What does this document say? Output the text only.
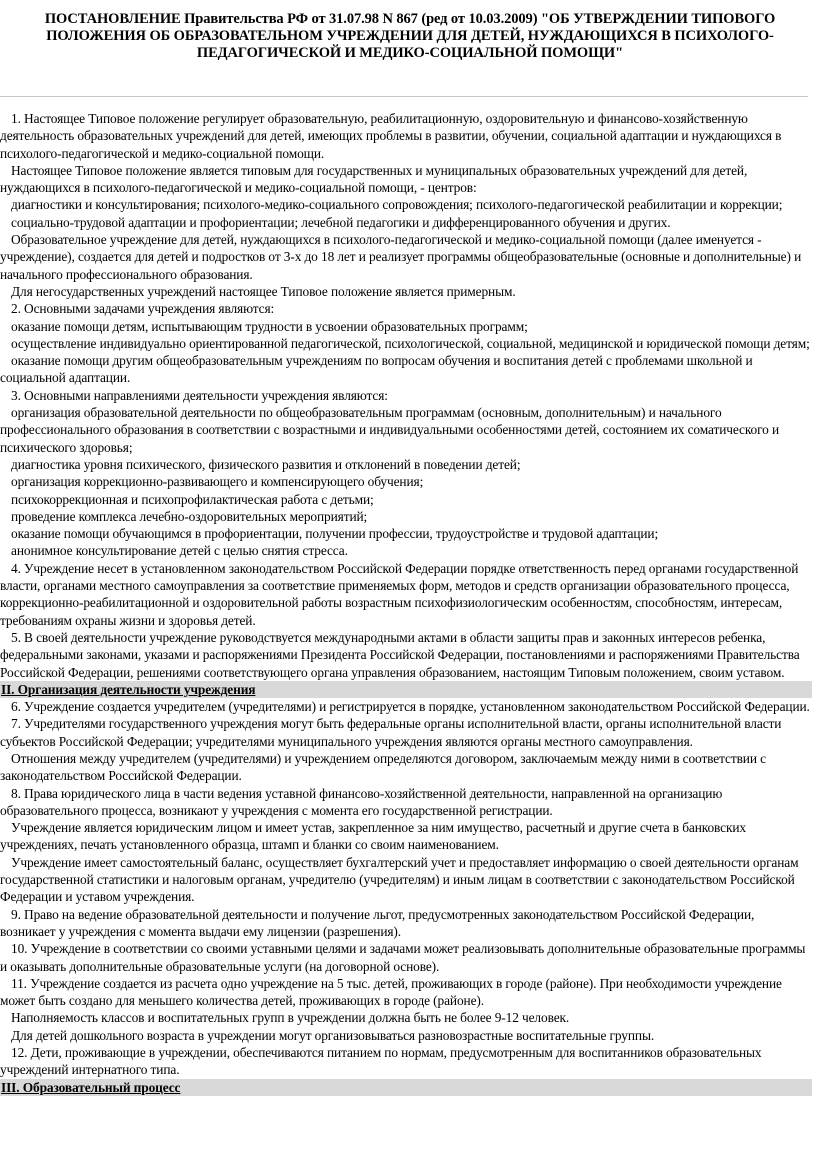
ПОСТАНОВЛЕНИЕ Правительства РФ от 31.07.98 N 867 (ред от 10.03.2009) "ОБ УТВЕРЖДЕНИИ ТИПОВОГО ПОЛОЖЕНИЯ ОБ ОБРАЗОВАТЕЛЬНОМ УЧРЕЖДЕНИИ ДЛЯ ДЕТЕЙ, НУЖДАЮЩИХСЯ В ПСИХОЛОГО-ПЕДАГОГИЧЕСКОЙ И МЕДИКО-СОЦИАЛЬНОЙ ПОМОЩИ"

1. Настоящее Типовое положение регулирует образовательную, реабилитационную, оздоровительную и финансово-хозяйственную деятельность образовательных учреждений для детей, имеющих проблемы в развитии, обучении, социальной адаптации и нуждающихся в психолого-педагогической и медико-социальной помощи.

Настоящее Типовое положение является типовым для государственных и муниципальных образовательных учреждений для детей, нуждающихся в психолого-педагогической и медико-социальной помощи, - центров:

диагностики и консультирования; психолого-медико-социального сопровождения; психолого-педагогической реабилитации и коррекции;

социально-трудовой адаптации и профориентации; лечебной педагогики и дифференцированного обучения и других.

Образовательное учреждение для детей, нуждающихся в психолого-педагогической и медико-социальной помощи (далее именуется - учреждение), создается для детей и подростков от 3-х до 18 лет и реализует программы общеобразовательные (основные и дополнительные) и начального профессионального образования.

Для негосударственных учреждений настоящее Типовое положение является примерным.

2. Основными задачами учреждения являются:

оказание помощи детям, испытывающим трудности в усвоении образовательных программ;

осуществление индивидуально ориентированной педагогической, психологической, социальной, медицинской и юридической помощи детям;

оказание помощи другим общеобразовательным учреждениям по вопросам обучения и воспитания детей с проблемами школьной и социальной адаптации.

3. Основными направлениями деятельности учреждения являются:

организация образовательной деятельности по общеобразовательным программам (основным, дополнительным) и начального профессионального образования в соответствии с возрастными и индивидуальными особенностями детей, состоянием их соматического и психического здоровья;

диагностика уровня психического, физического развития и отклонений в поведении детей;

организация коррекционно-развивающего и компенсирующего обучения;

психокоррекционная и психопрофилактическая работа с детьми;

проведение комплекса лечебно-оздоровительных мероприятий;

оказание помощи обучающимся в профориентации, получении профессии, трудоустройстве и трудовой адаптации;

анонимное консультирование детей с целью снятия стресса.

4. Учреждение несет в установленном законодательством Российской Федерации порядке ответственность перед органами государственной власти, органами местного самоуправления за соответствие применяемых форм, методов и средств организации образовательного процесса, коррекционно-реабилитационной и оздоровительной работы возрастным психофизиологическим особенностям, способностям, интересам, требованиям охраны жизни и здоровья детей.

5. В своей деятельности учреждение руководствуется международными актами в области защиты прав и законных интересов ребенка, федеральными законами, указами и распоряжениями Президента Российской Федерации, постановлениями и распоряжениями Правительства Российской Федерации, решениями соответствующего органа управления образованием, настоящим Типовым положением, своим уставом.

II. Организация деятельности учреждения

6. Учреждение создается учредителем (учредителями) и регистрируется в порядке, установленном законодательством Российской Федерации.

7. Учредителями государственного учреждения могут быть федеральные органы исполнительной власти, органы исполнительной власти субъектов Российской Федерации; учредителями муниципального учреждения являются органы местного самоуправления.

Отношения между учредителем (учредителями) и учреждением определяются договором, заключаемым между ними в соответствии с законодательством Российской Федерации.

8. Права юридического лица в части ведения уставной финансово-хозяйственной деятельности, направленной на организацию образовательного процесса, возникают у учреждения с момента его государственной регистрации.

Учреждение является юридическим лицом и имеет устав, закрепленное за ним имущество, расчетный и другие счета в банковских учреждениях, печать установленного образца, штамп и бланки со своим наименованием.

Учреждение имеет самостоятельный баланс, осуществляет бухгалтерский учет и предоставляет информацию о своей деятельности органам государственной статистики и налоговым органам, учредителю (учредителям) и иным лицам в соответствии с законодательством Российской Федерации и уставом учреждения.

9. Право на ведение образовательной деятельности и получение льгот, предусмотренных законодательством Российской Федерации, возникает у учреждения с момента выдачи ему лицензии (разрешения).

10. Учреждение в соответствии со своими уставными целями и задачами может реализовывать дополнительные образовательные программы и оказывать дополнительные образовательные услуги (на договорной основе).

11. Учреждение создается из расчета одно учреждение на 5 тыс. детей, проживающих в городе (районе). При необходимости учреждение может быть создано для меньшего количества детей, проживающих в городе (районе).

Наполняемость классов и воспитательных групп в учреждении должна быть не более 9-12 человек.

Для детей дошкольного возраста в учреждении могут организовываться разновозрастные воспитательные группы.

12. Дети, проживающие в учреждении, обеспечиваются питанием по нормам, предусмотренным для воспитанников образовательных учреждений интернатного типа.

III. Образовательный процесс
